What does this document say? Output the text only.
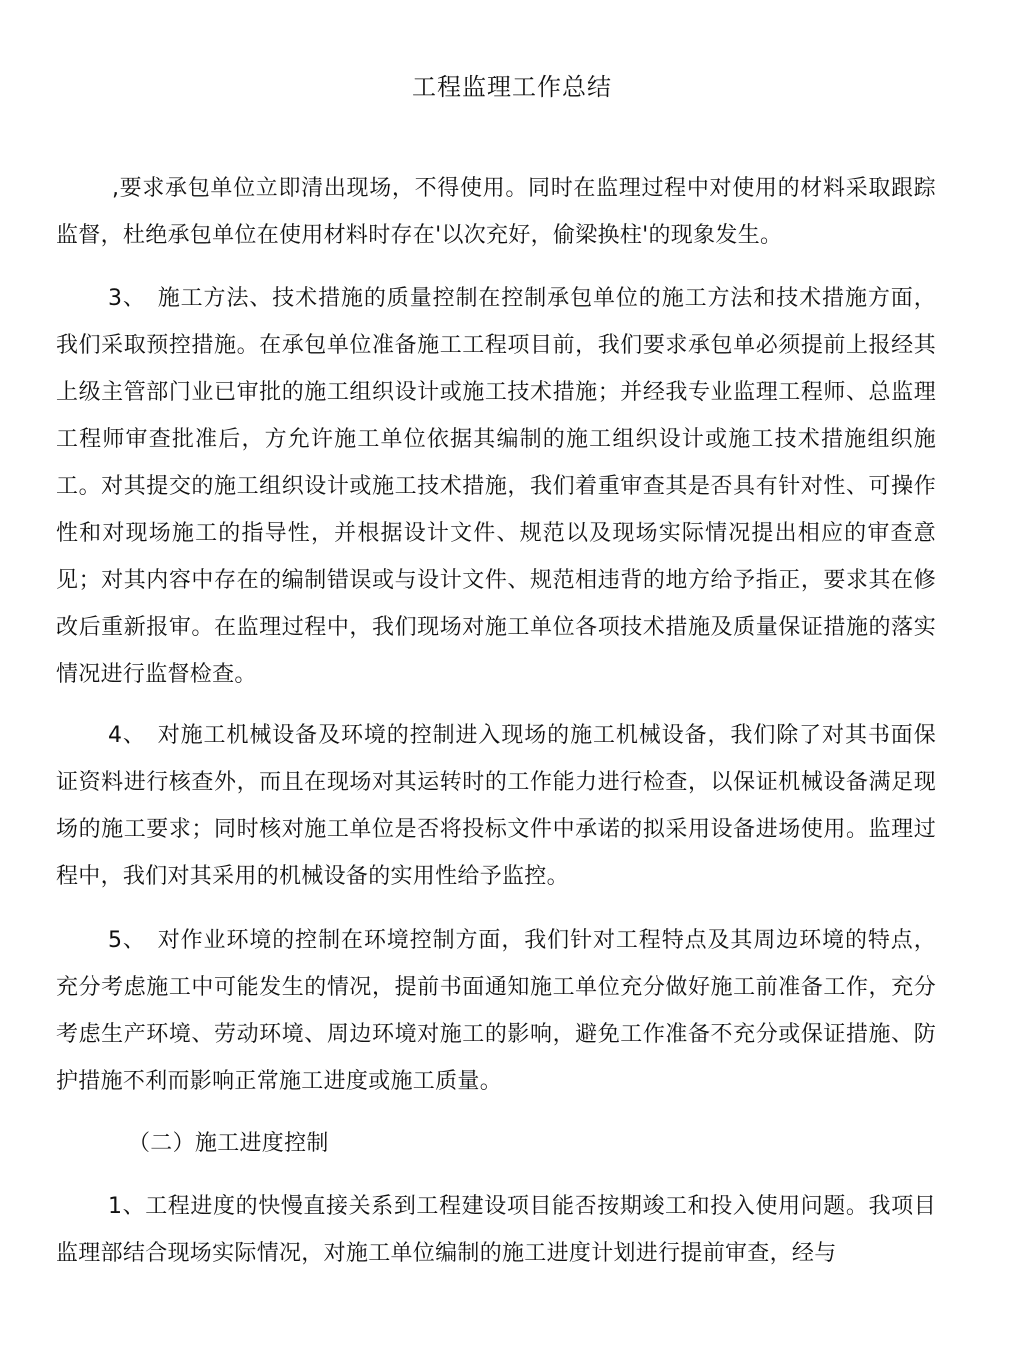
工程监理工作总结

,要求承包单位立即清出现场，不得使用。同时在监理过程中对使用的材料采取跟踪监督，杜绝承包单位在使用材料时存在'以次充好，偷梁换柱'的现象发生。

3、　施工方法、技术措施的质量控制在控制承包单位的施工方法和技术措施方面，我们采取预控措施。在承包单位准备施工工程项目前，我们要求承包单必须提前上报经其上级主管部门业已审批的施工组织设计或施工技术措施；并经我专业监理工程师、总监理工程师审查批准后，方允许施工单位依据其编制的施工组织设计或施工技术措施组织施工。对其提交的施工组织设计或施工技术措施，我们着重审查其是否具有针对性、可操作性和对现场施工的指导性，并根据设计文件、规范以及现场实际情况提出相应的审查意见；对其内容中存在的编制错误或与设计文件、规范相违背的地方给予指正，要求其在修改后重新报审。在监理过程中，我们现场对施工单位各项技术措施及质量保证措施的落实情况进行监督检查。

4、　对施工机械设备及环境的控制进入现场的施工机械设备，我们除了对其书面保证资料进行核查外，而且在现场对其运转时的工作能力进行检查，以保证机械设备满足现场的施工要求；同时核对施工单位是否将投标文件中承诺的拟采用设备进场使用。监理过程中，我们对其采用的机械设备的实用性给予监控。

5、　对作业环境的控制在环境控制方面，我们针对工程特点及其周边环境的特点，充分考虑施工中可能发生的情况，提前书面通知施工单位充分做好施工前准备工作，充分考虑生产环境、劳动环境、周边环境对施工的影响，避免工作准备不充分或保证措施、防护措施不利而影响正常施工进度或施工质量。

（二）施工进度控制

1、工程进度的快慢直接关系到工程建设项目能否按期竣工和投入使用问题。我项目监理部结合现场实际情况，对施工单位编制的施工进度计划进行提前审查，经与
